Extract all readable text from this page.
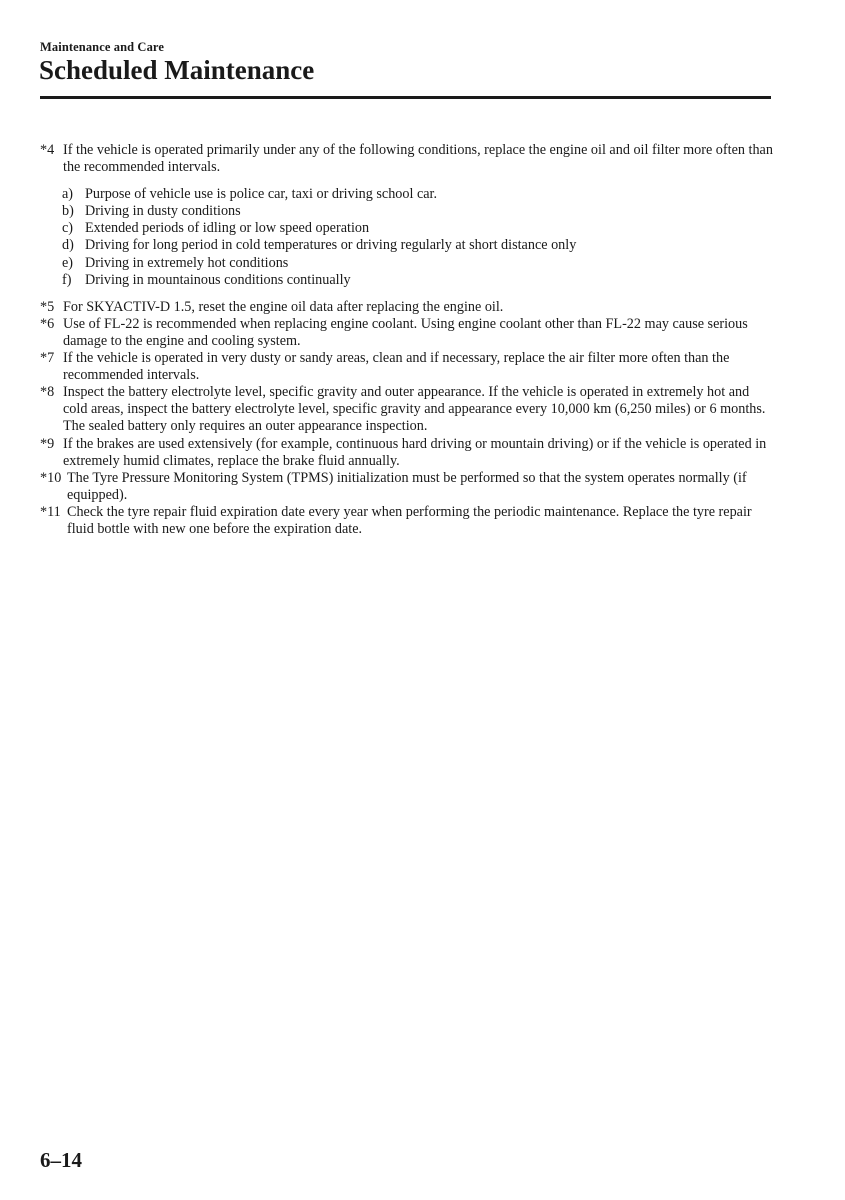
Maintenance and Care
Scheduled Maintenance
*4 If the vehicle is operated primarily under any of the following conditions, replace the engine oil and oil filter more often than the recommended intervals.
a) Purpose of vehicle use is police car, taxi or driving school car.
b) Driving in dusty conditions
c) Extended periods of idling or low speed operation
d) Driving for long period in cold temperatures or driving regularly at short distance only
e) Driving in extremely hot conditions
f) Driving in mountainous conditions continually
*5 For SKYACTIV-D 1.5, reset the engine oil data after replacing the engine oil.
*6 Use of FL-22 is recommended when replacing engine coolant. Using engine coolant other than FL-22 may cause serious damage to the engine and cooling system.
*7 If the vehicle is operated in very dusty or sandy areas, clean and if necessary, replace the air filter more often than the recommended intervals.
*8 Inspect the battery electrolyte level, specific gravity and outer appearance. If the vehicle is operated in extremely hot and cold areas, inspect the battery electrolyte level, specific gravity and appearance every 10,000 km (6,250 miles) or 6 months. The sealed battery only requires an outer appearance inspection.
*9 If the brakes are used extensively (for example, continuous hard driving or mountain driving) or if the vehicle is operated in extremely humid climates, replace the brake fluid annually.
*10 The Tyre Pressure Monitoring System (TPMS) initialization must be performed so that the system operates normally (if equipped).
*11 Check the tyre repair fluid expiration date every year when performing the periodic maintenance. Replace the tyre repair fluid bottle with new one before the expiration date.
6–14
